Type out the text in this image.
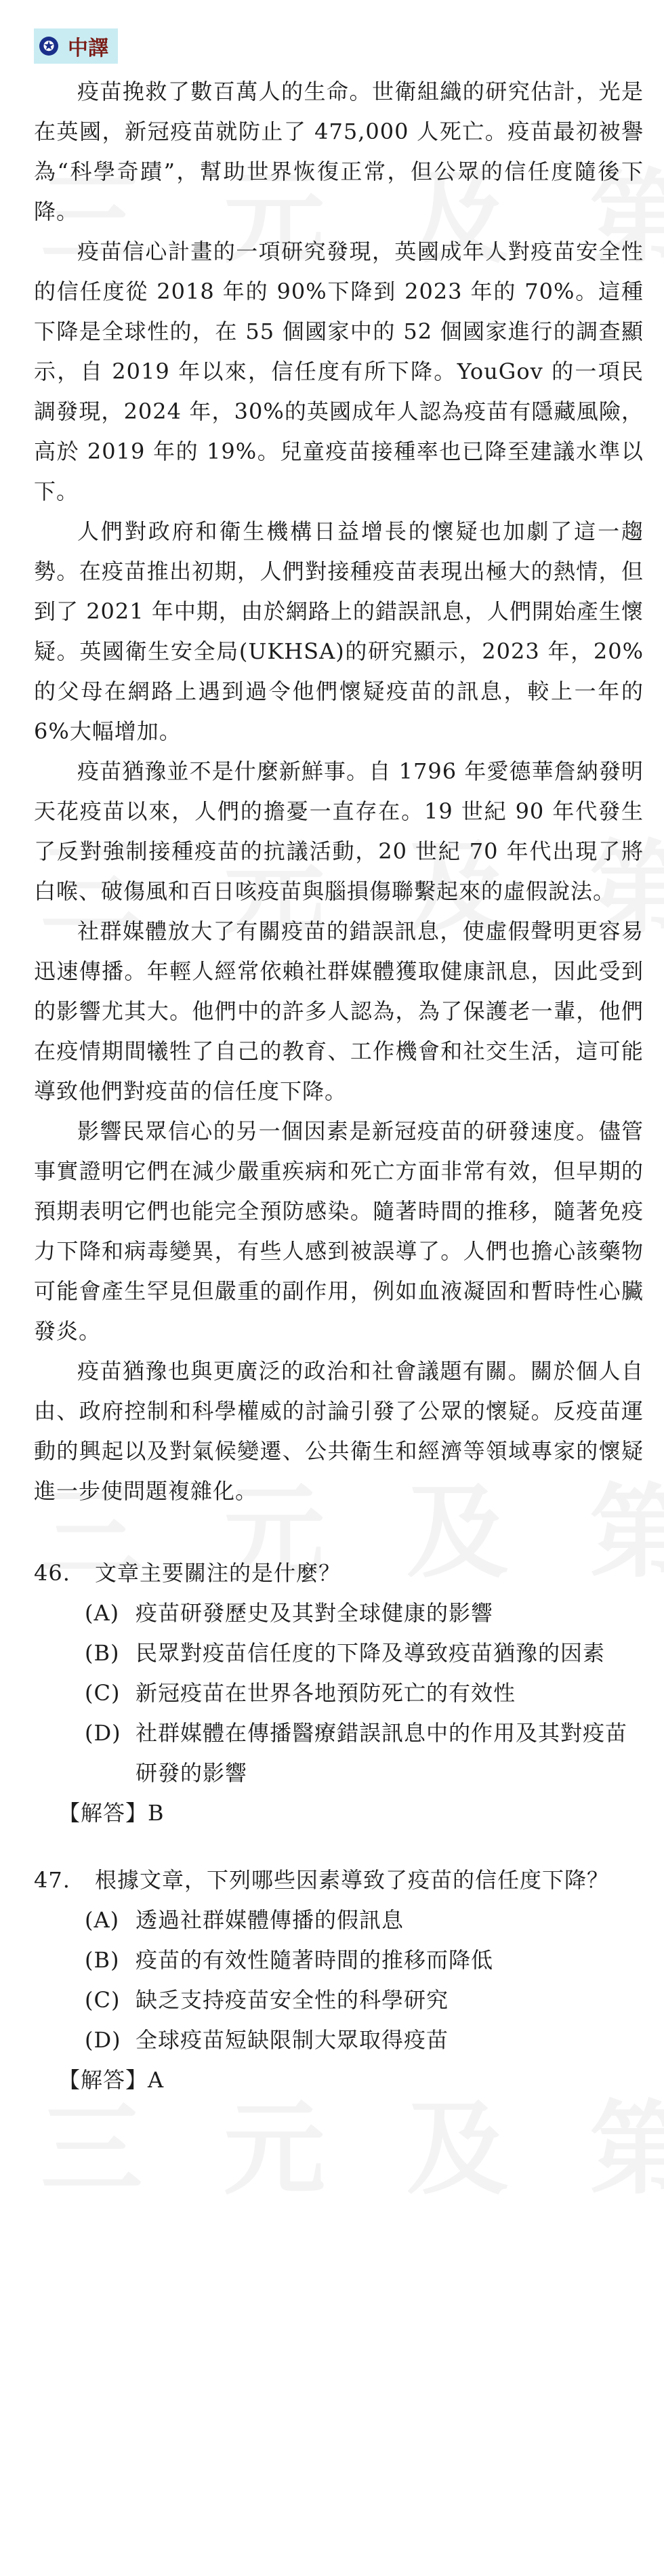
✪ 中譯

疫苗挽救了數百萬人的生命。世衛組織的研究估計，光是在英國，新冠疫苗就防止了 475,000 人死亡。疫苗最初被譽為“科學奇蹟”，幫助世界恢復正常，但公眾的信任度隨後下降。

疫苗信心計畫的一項研究發現，英國成年人對疫苗安全性的信任度從 2018 年的 90%下降到 2023 年的 70%。這種下降是全球性的，在 55 個國家中的 52 個國家進行的調查顯示，自 2019 年以來，信任度有所下降。YouGov 的一項民調發現，2024 年，30%的英國成年人認為疫苗有隱藏風險，高於 2019 年的 19%。兒童疫苗接種率也已降至建議水準以下。

人們對政府和衛生機構日益增長的懷疑也加劇了這一趨勢。在疫苗推出初期，人們對接種疫苗表現出極大的熱情，但到了 2021 年中期，由於網路上的錯誤訊息，人們開始產生懷疑。英國衛生安全局(UKHSA)的研究顯示，2023 年，20%的父母在網路上遇到過令他們懷疑疫苗的訊息，較上一年的 6%大幅增加。

疫苗猶豫並不是什麼新鮮事。自 1796 年愛德華詹納發明天花疫苗以來，人們的擔憂一直存在。19 世紀 90 年代發生了反對強制接種疫苗的抗議活動，20 世紀 70 年代出現了將白喉、破傷風和百日咳疫苗與腦損傷聯繫起來的虛假說法。

社群媒體放大了有關疫苗的錯誤訊息，使虛假聲明更容易迅速傳播。年輕人經常依賴社群媒體獲取健康訊息，因此受到的影響尤其大。他們中的許多人認為，為了保護老一輩，他們在疫情期間犧牲了自己的教育、工作機會和社交生活，這可能導致他們對疫苗的信任度下降。

影響民眾信心的另一個因素是新冠疫苗的研發速度。儘管事實證明它們在減少嚴重疾病和死亡方面非常有效，但早期的預期表明它們也能完全預防感染。隨著時間的推移，隨著免疫力下降和病毒變異，有些人感到被誤導了。人們也擔心該藥物可能會產生罕見但嚴重的副作用，例如血液凝固和暫時性心臟發炎。

疫苗猶豫也與更廣泛的政治和社會議題有關。關於個人自由、政府控制和科學權威的討論引發了公眾的懷疑。反疫苗運動的興起以及對氣候變遷、公共衛生和經濟等領域專家的懷疑進一步使問題複雜化。

46.	文章主要關注的是什麼？
(A) 疫苗研發歷史及其對全球健康的影響
(B) 民眾對疫苗信任度的下降及導致疫苗猶豫的因素
(C) 新冠疫苗在世界各地預防死亡的有效性
(D) 社群媒體在傳播醫療錯誤訊息中的作用及其對疫苗研發的影響
【解答】B
47.	根據文章，下列哪些因素導致了疫苗的信任度下降？
(A) 透過社群媒體傳播的假訊息
(B) 疫苗的有效性隨著時間的推移而降低
(C) 缺乏支持疫苗安全性的科學研究
(D) 全球疫苗短缺限制大眾取得疫苗
【解答】A
